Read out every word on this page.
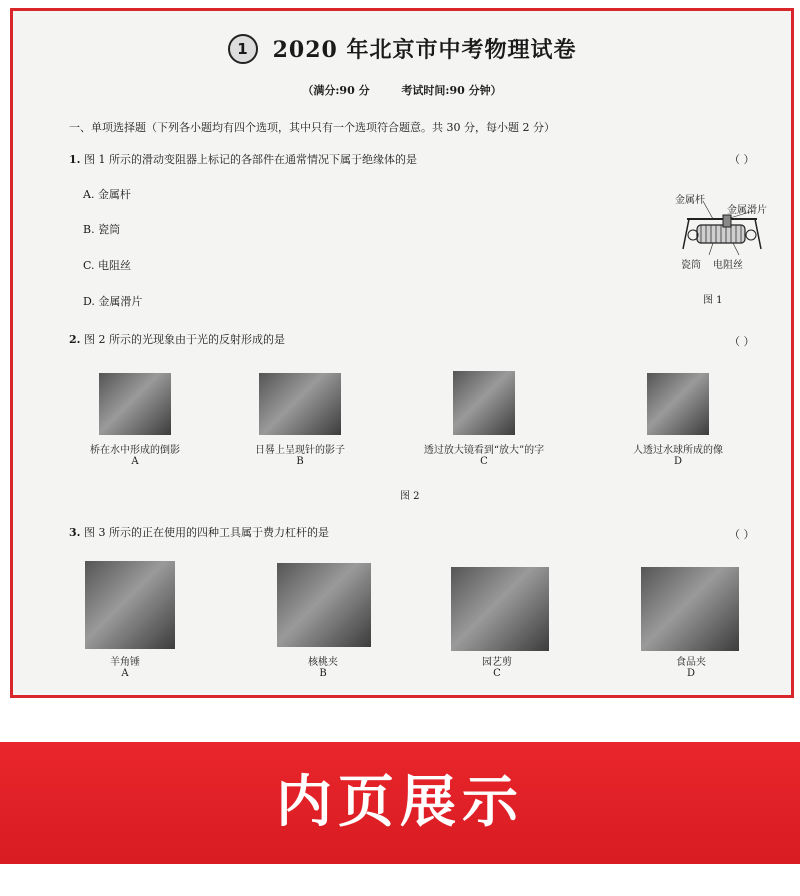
1 2020 年北京市中考物理试卷
（满分:90 分	考试时间:90 分钟）
一、单项选择题（下列各小题均有四个选项，其中只有一个选项符合题意。共 30 分，每小题 2 分）
1. 图 1 所示的滑动变阻器上标记的各部件在通常情况下属于绝缘体的是	（ ）
A. 金属杆
B. 瓷筒
C. 电阻丝
D. 金属滑片
金属杆
金属滑片
瓷筒 电阻丝
图 1
2. 图 2 所示的光现象由于光的反射形成的是	（ ）
桥在水中形成的倒影
A
日晷上呈现针的影子
B
透过放大镜看到“放大”的字
C
人透过水球所成的像
D
图 2
3. 图 3 所示的正在使用的四种工具属于费力杠杆的是	（ ）
羊角锤
A
核桃夹
B
园艺剪
C
食品夹
D
内页展示
